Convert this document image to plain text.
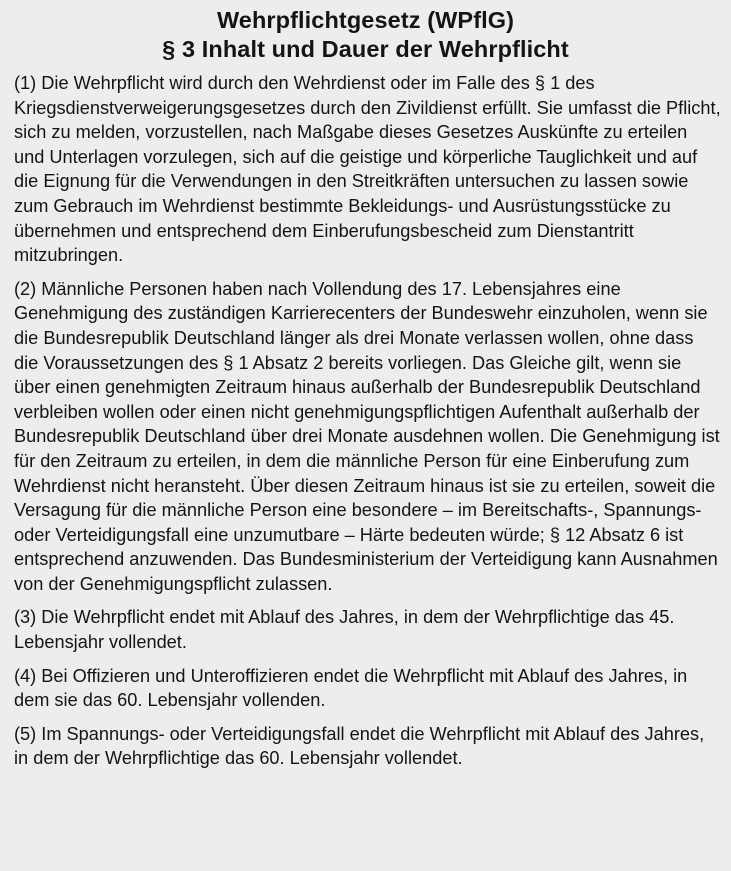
Wehrpflichtgesetz (WPflG)
§ 3 Inhalt und Dauer der Wehrpflicht

(1) Die Wehrpflicht wird durch den Wehrdienst oder im Falle des § 1 des Kriegsdienstverweigerungsgesetzes durch den Zivildienst erfüllt. Sie umfasst die Pflicht, sich zu melden, vorzustellen, nach Maßgabe dieses Gesetzes Auskünfte zu erteilen und Unterlagen vorzulegen, sich auf die geistige und körperliche Tauglichkeit und auf die Eignung für die Verwendungen in den Streitkräften untersuchen zu lassen sowie zum Gebrauch im Wehrdienst bestimmte Bekleidungs- und Ausrüstungsstücke zu übernehmen und entsprechend dem Einberufungsbescheid zum Dienstantritt mitzubringen.

(2) Männliche Personen haben nach Vollendung des 17. Lebensjahres eine Genehmigung des zuständigen Karrierecenters der Bundeswehr einzuholen, wenn sie die Bundesrepublik Deutschland länger als drei Monate verlassen wollen, ohne dass die Voraussetzungen des § 1 Absatz 2 bereits vorliegen. Das Gleiche gilt, wenn sie über einen genehmigten Zeitraum hinaus außerhalb der Bundesrepublik Deutschland verbleiben wollen oder einen nicht genehmigungspflichtigen Aufenthalt außerhalb der Bundesrepublik Deutschland über drei Monate ausdehnen wollen. Die Genehmigung ist für den Zeitraum zu erteilen, in dem die männliche Person für eine Einberufung zum Wehrdienst nicht heransteht. Über diesen Zeitraum hinaus ist sie zu erteilen, soweit die Versagung für die männliche Person eine besondere – im Bereitschafts-, Spannungs- oder Verteidigungsfall eine unzumutbare – Härte bedeuten würde; § 12 Absatz 6 ist entsprechend anzuwenden. Das Bundesministerium der Verteidigung kann Ausnahmen von der Genehmigungspflicht zulassen.

(3) Die Wehrpflicht endet mit Ablauf des Jahres, in dem der Wehrpflichtige das 45. Lebensjahr vollendet.

(4) Bei Offizieren und Unteroffizieren endet die Wehrpflicht mit Ablauf des Jahres, in dem sie das 60. Lebensjahr vollenden.

(5) Im Spannungs- oder Verteidigungsfall endet die Wehrpflicht mit Ablauf des Jahres, in dem der Wehrpflichtige das 60. Lebensjahr vollendet.
